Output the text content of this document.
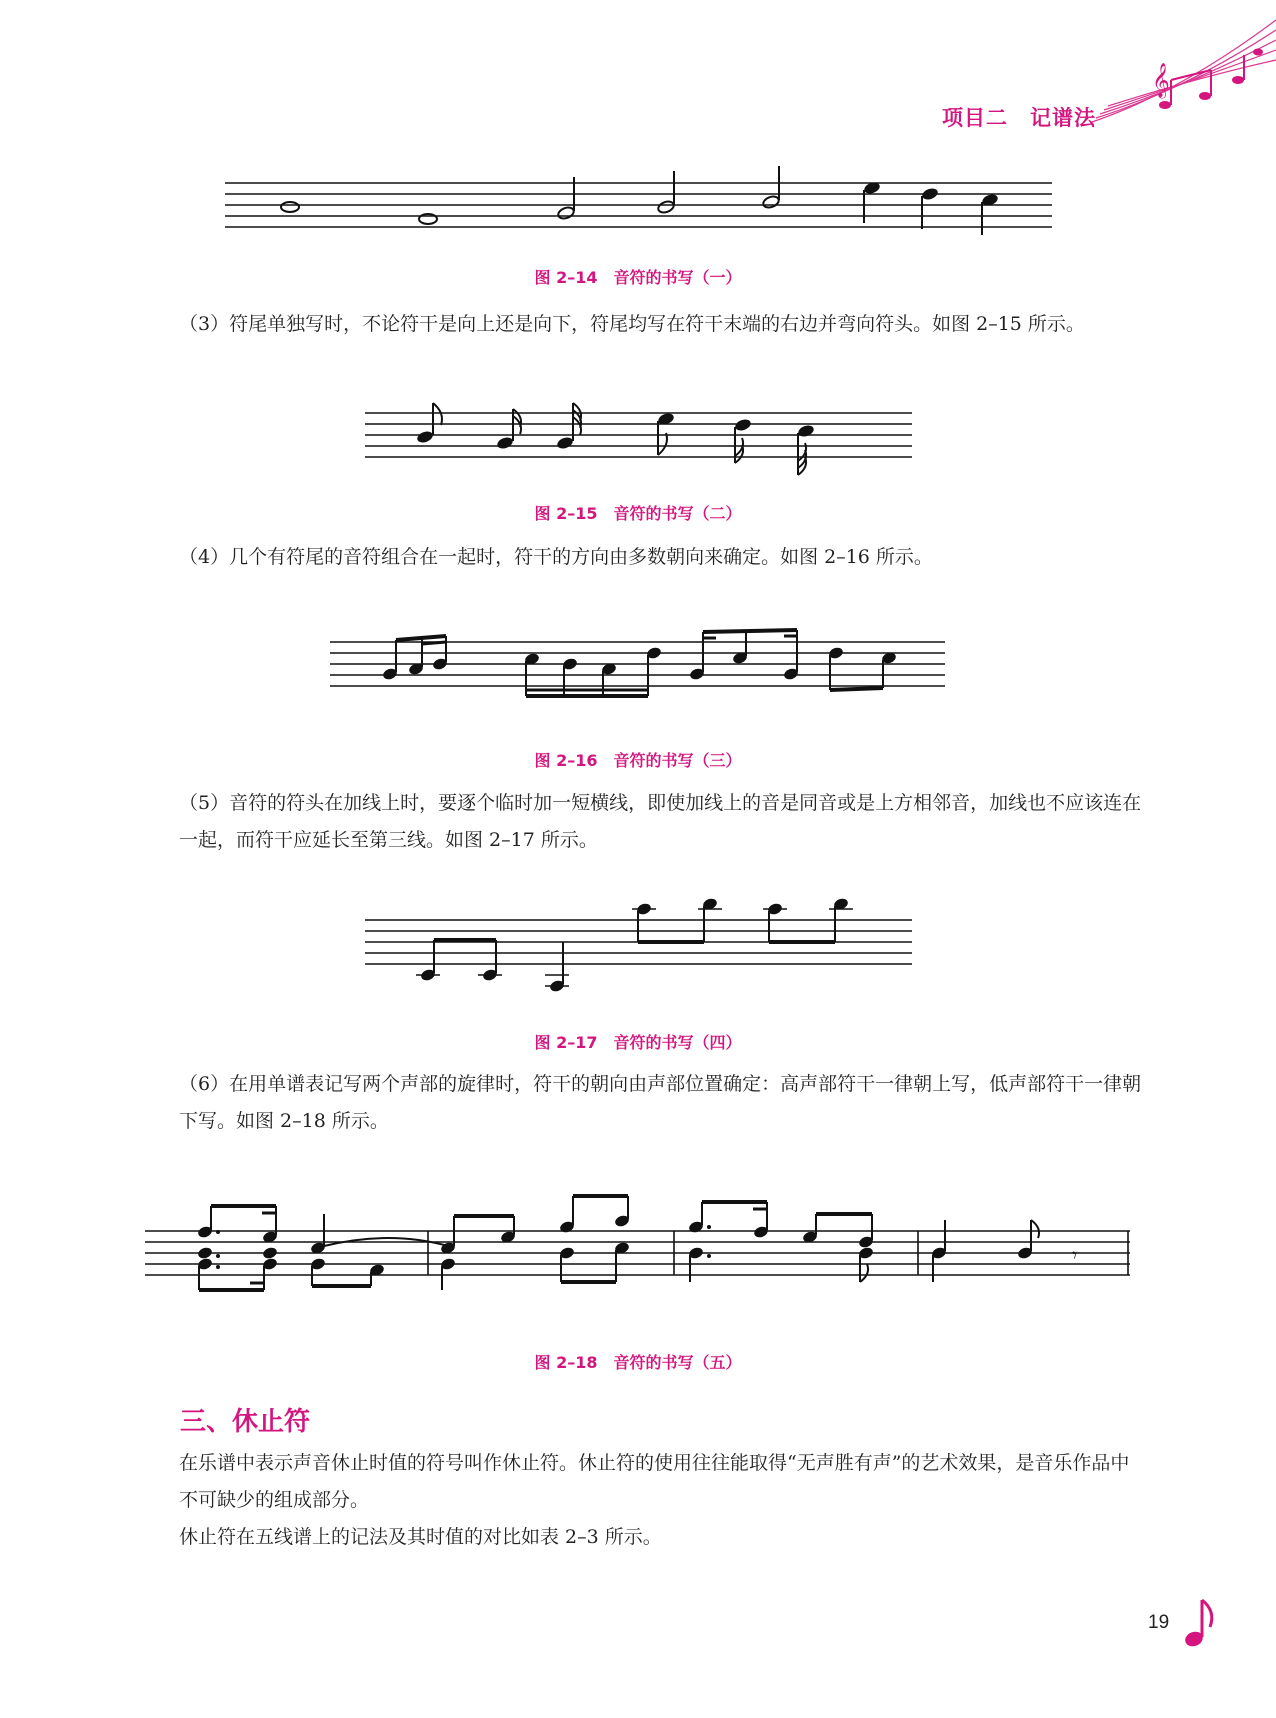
𝄞
项目二　记谱法
图 2–14　音符的书写（一）
（3）符尾单独写时，不论符干是向上还是向下，符尾均写在符干末端的右边并弯向符头。如图 2–15 所示。
图 2–15　音符的书写（二）
（4）几个有符尾的音符组合在一起时，符干的方向由多数朝向来确定。如图 2–16 所示。
图 2–16　音符的书写（三）
（5）音符的符头在加线上时，要逐个临时加一短横线，即使加线上的音是同音或是上方相邻音，加线也不应该连在一起，而符干应延长至第三线。如图 2–17 所示。
图 2–17　音符的书写（四）
（6）在用单谱表记写两个声部的旋律时，符干的朝向由声部位置确定：高声部符干一律朝上写，低声部符干一律朝下写。如图 2–18 所示。
𝄾
图 2–18　音符的书写（五）
三、休止符
在乐谱中表示声音休止时值的符号叫作休止符。休止符的使用往往能取得“无声胜有声”的艺术效果，是音乐作品中不可缺少的组成部分。
休止符在五线谱上的记法及其时值的对比如表 2–3 所示。
19
